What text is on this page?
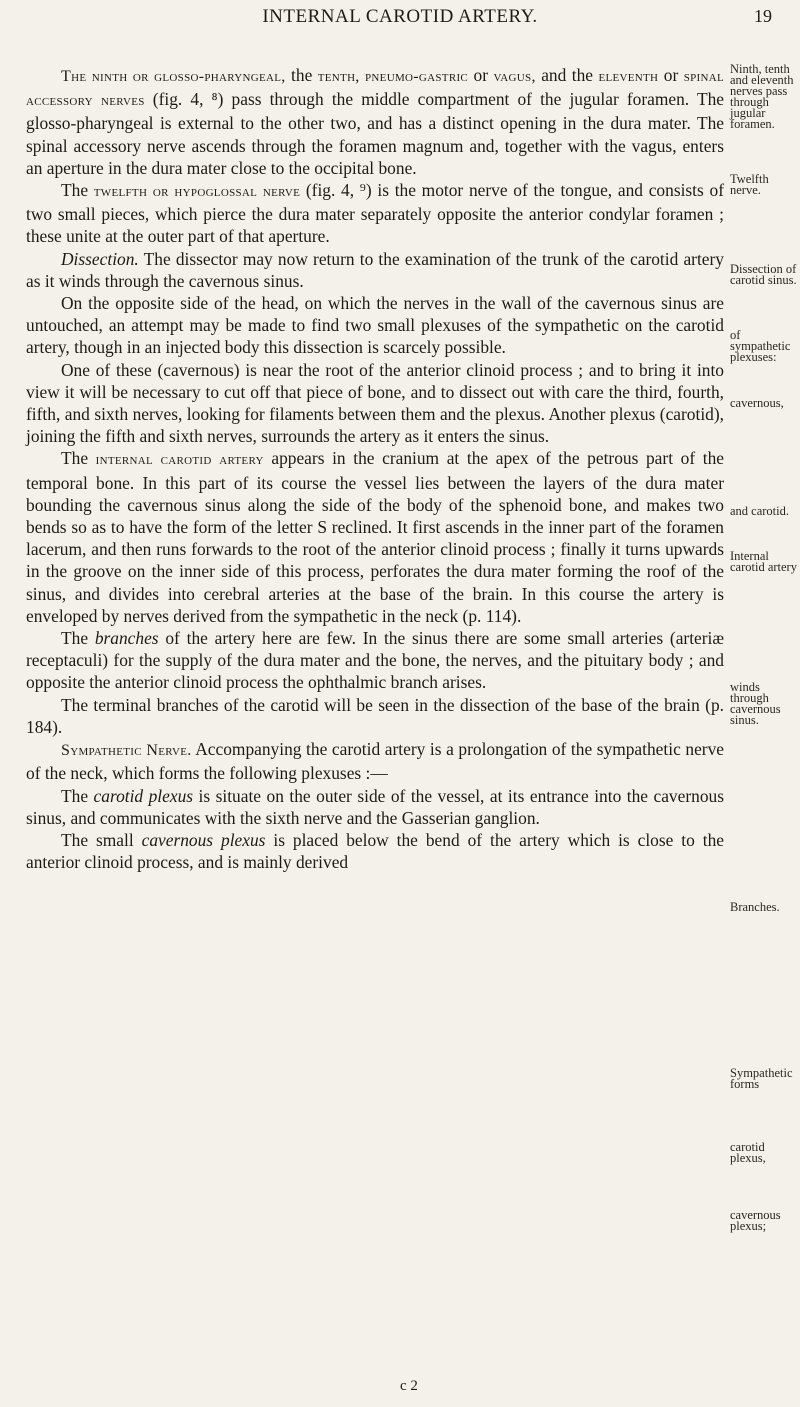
INTERNAL CAROTID ARTERY.	19

The ninth or glosso-pharyngeal, the tenth, pneumo-gastric or vagus, and the eleventh or spinal accessory nerves (fig. 4, ⁸) pass through the middle compartment of the jugular foramen. The glosso-pharyngeal is external to the other two, and has a distinct opening in the dura mater. The spinal accessory nerve ascends through the foramen magnum and, together with the vagus, enters an aperture in the dura mater close to the occipital bone.

The twelfth or hypoglossal nerve (fig. 4, ⁹) is the motor nerve of the tongue, and consists of two small pieces, which pierce the dura mater separately opposite the anterior condylar foramen ; these unite at the outer part of that aperture.

Dissection. The dissector may now return to the examination of the trunk of the carotid artery as it winds through the cavernous sinus.

On the opposite side of the head, on which the nerves in the wall of the cavernous sinus are untouched, an attempt may be made to find two small plexuses of the sympathetic on the carotid artery, though in an injected body this dissection is scarcely possible.

One of these (cavernous) is near the root of the anterior clinoid process ; and to bring it into view it will be necessary to cut off that piece of bone, and to dissect out with care the third, fourth, fifth, and sixth nerves, looking for filaments between them and the plexus. Another plexus (carotid), joining the fifth and sixth nerves, surrounds the artery as it enters the sinus.

The internal carotid artery appears in the cranium at the apex of the petrous part of the temporal bone. In this part of its course the vessel lies between the layers of the dura mater bounding the cavernous sinus along the side of the body of the sphenoid bone, and makes two bends so as to have the form of the letter S reclined. It first ascends in the inner part of the foramen lacerum, and then runs forwards to the root of the anterior clinoid process ; finally it turns upwards in the groove on the inner side of this process, perforates the dura mater forming the roof of the sinus, and divides into cerebral arteries at the base of the brain. In this course the artery is enveloped by nerves derived from the sympathetic in the neck (p. 114).

The branches of the artery here are few. In the sinus there are some small arteries (arteriæ receptaculi) for the supply of the dura mater and the bone, the nerves, and the pituitary body ; and opposite the anterior clinoid process the ophthalmic branch arises.

The terminal branches of the carotid will be seen in the dissection of the base of the brain (p. 184).

Sympathetic Nerve. Accompanying the carotid artery is a prolongation of the sympathetic nerve of the neck, which forms the following plexuses :—

The carotid plexus is situate on the outer side of the vessel, at its entrance into the cavernous sinus, and communicates with the sixth nerve and the Gasserian ganglion.

The small cavernous plexus is placed below the bend of the artery which is close to the anterior clinoid process, and is mainly derived

Ninth, tenth and eleventh nerves pass through jugular foramen.
Twelfth nerve.
Dissection of carotid sinus.
of sympathetic plexuses:
cavernous,
and carotid.
Internal carotid artery
winds through cavernous sinus.
Branches.
Sympathetic forms
carotid plexus,
cavernous plexus;
c 2
